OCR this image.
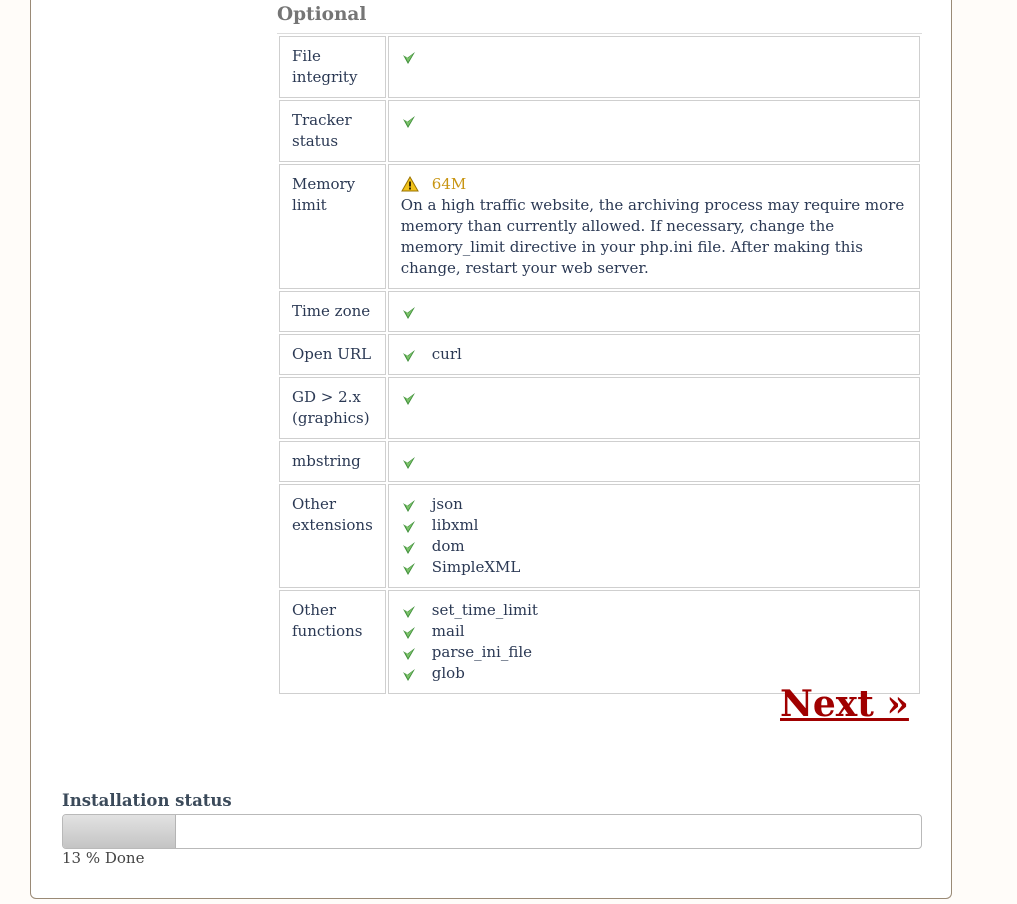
Optional
File integrity	

Tracker status	

Memory limit	64M
On a high traffic website, the archiving process may require more memory than currently allowed. If necessary, change the memory_limit directive in your php.ini file. After making this change, restart your web server.

Time zone	

Open URL	curl

GD > 2.x (graphics)	

mbstring	

Other extensions	json
libxml
dom
SimpleXML

Other functions	set_time_limit
mail
parse_ini_file
glob
Next »
Installation status
13 % Done
